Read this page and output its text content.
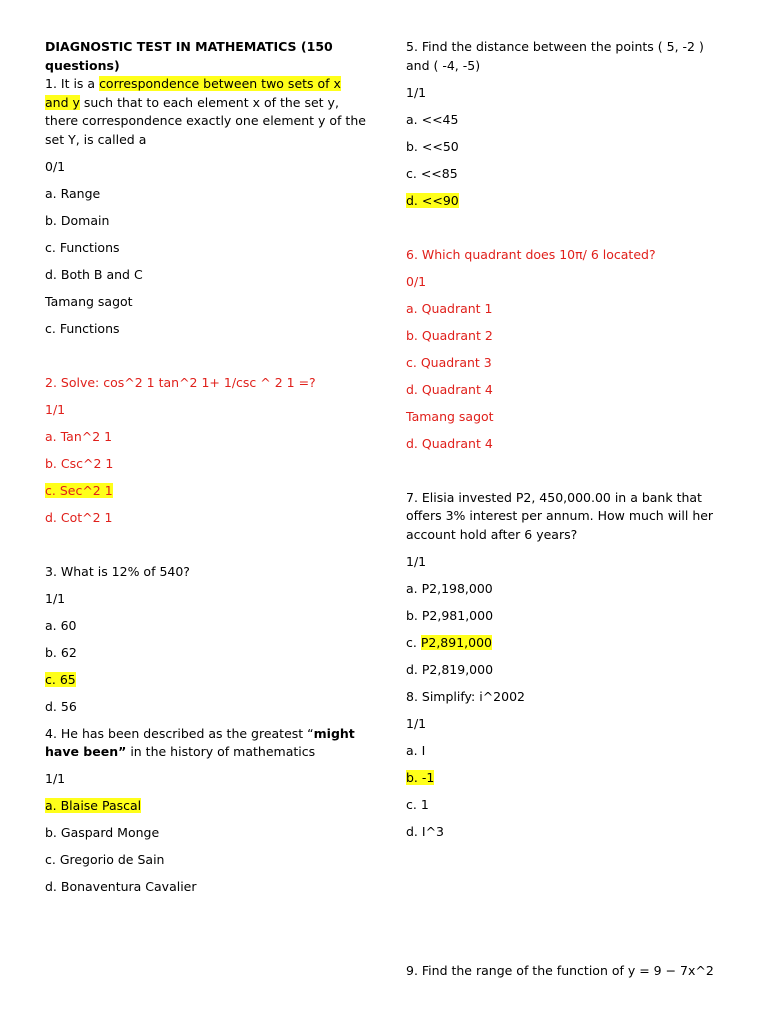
DIAGNOSTIC TEST IN MATHEMATICS (150 questions)

1. It is a correspondence between two sets of x and y such that to each element x of the set y, there correspondence exactly one element y of the set Y, is called a

0/1

a. Range

b. Domain

c. Functions

d. Both B and C

Tamang sagot

c. Functions

2. Solve: cos^2 1 tan^2 1+ 1/csc ^ 2 1 =?

1/1

a. Tan^2 1

b. Csc^2 1

c. Sec^2 1

d. Cot^2 1

3. What is 12% of 540?

1/1

a. 60

b. 62

c. 65

d. 56

4. He has been described as the greatest “might have been” in the history of mathematics

1/1

a. Blaise Pascal

b. Gaspard Monge

c. Gregorio de Sain

d. Bonaventura Cavalier

5. Find the distance between the points ( 5, -2 ) and ( -4, -5)

1/1

a. <<45

b. <<50

c. <<85

d. <<90

6. Which quadrant does 10π/ 6 located?

0/1

a. Quadrant 1

b. Quadrant 2

c. Quadrant 3

d. Quadrant 4

Tamang sagot

d. Quadrant 4

7. Elisia invested P2, 450,000.00 in a bank that offers 3% interest per annum. How much will her account hold after 6 years?

1/1

a. P2,198,000

b. P2,981,000

c. P2,891,000

d. P2,819,000

8. Simplify: i^2002

1/1

a. I

b. -1

c. 1

d. I^3

9. Find the range of the function of y = 9 − 7x^2
